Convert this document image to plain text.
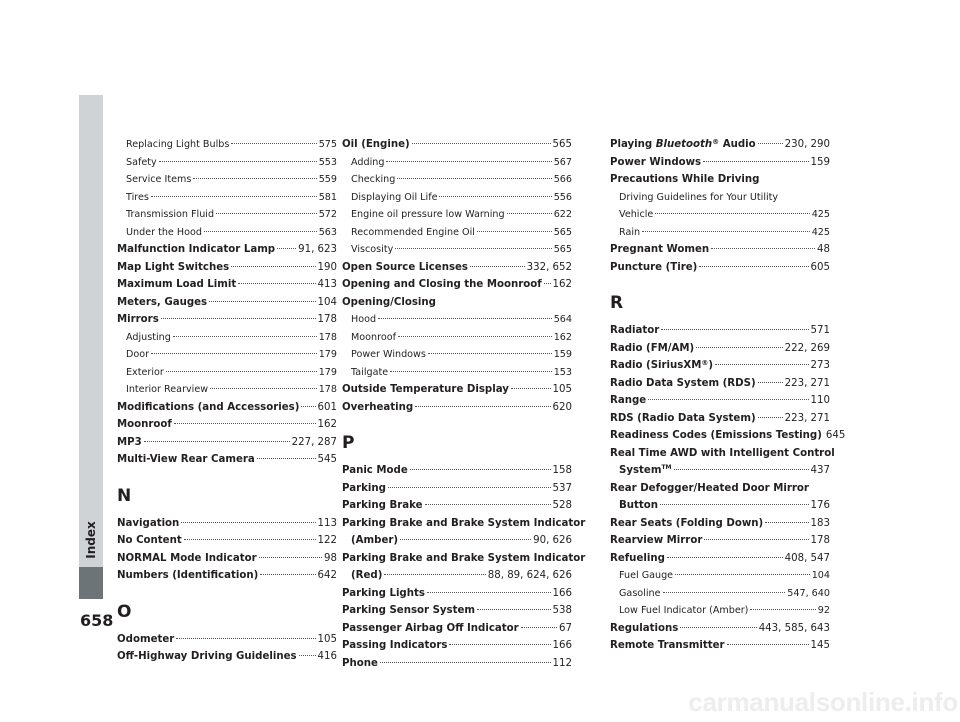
Index
Replacing Light Bulbs	575
Safety	553
Service Items	559
Tires	581
Transmission Fluid	572
Under the Hood	563
Malfunction Indicator Lamp 91, 623
Map Light Switches	190
Maximum Load Limit	413
Meters, Gauges	104
Mirrors	178
Adjusting	178
Door	179
Exterior	179
Interior Rearview	178
Modifications (and Accessories) 601
Moonroof	162
MP3	227, 287
Multi-View Rear Camera	545
N
Navigation	113
No Content	122
NORMAL Mode Indicator	98
Numbers (Identification)	642
O
Odometer	105
Off-Highway Driving Guidelines 416
Oil (Engine)	565
Adding	567
Checking	566
Displaying Oil Life	556
Engine oil pressure low Warning	622
Recommended Engine Oil	565
Viscosity	565
Open Source Licenses	332, 652
Opening and Closing the Moonroof 162
Opening/Closing
Hood	564
Moonroof	162
Power Windows	159
Tailgate	153
Outside Temperature Display	105
Overheating	620
P
Panic Mode	158
Parking	537
Parking Brake	528
Parking Brake and Brake System Indicator
(Amber)	90, 626
Parking Brake and Brake System Indicator
(Red)	88, 89, 624, 626
Parking Lights	166
Parking Sensor System	538
Passenger Airbag Off Indicator	67
Passing Indicators	166
Phone	112
Playing Bluetooth® Audio	230, 290
Power Windows	159
Precautions While Driving
Driving Guidelines for Your Utility
Vehicle	425
Rain	425
Pregnant Women	48
Puncture (Tire)	605
R
Radiator	571
Radio (FM/AM)	222, 269
Radio (SiriusXM®)	273
Radio Data System (RDS)	223, 271
Range	110
RDS (Radio Data System)	223, 271
Readiness Codes (Emissions Testing) 645
Real Time AWD with Intelligent Control
System™	437
Rear Defogger/Heated Door Mirror
Button	176
Rear Seats (Folding Down)	183
Rearview Mirror	178
Refueling	408, 547
Fuel Gauge	104
Gasoline	547, 640
Low Fuel Indicator (Amber)	92
Regulations	443, 585, 643
Remote Transmitter	145
658
carmanualsonline.info
